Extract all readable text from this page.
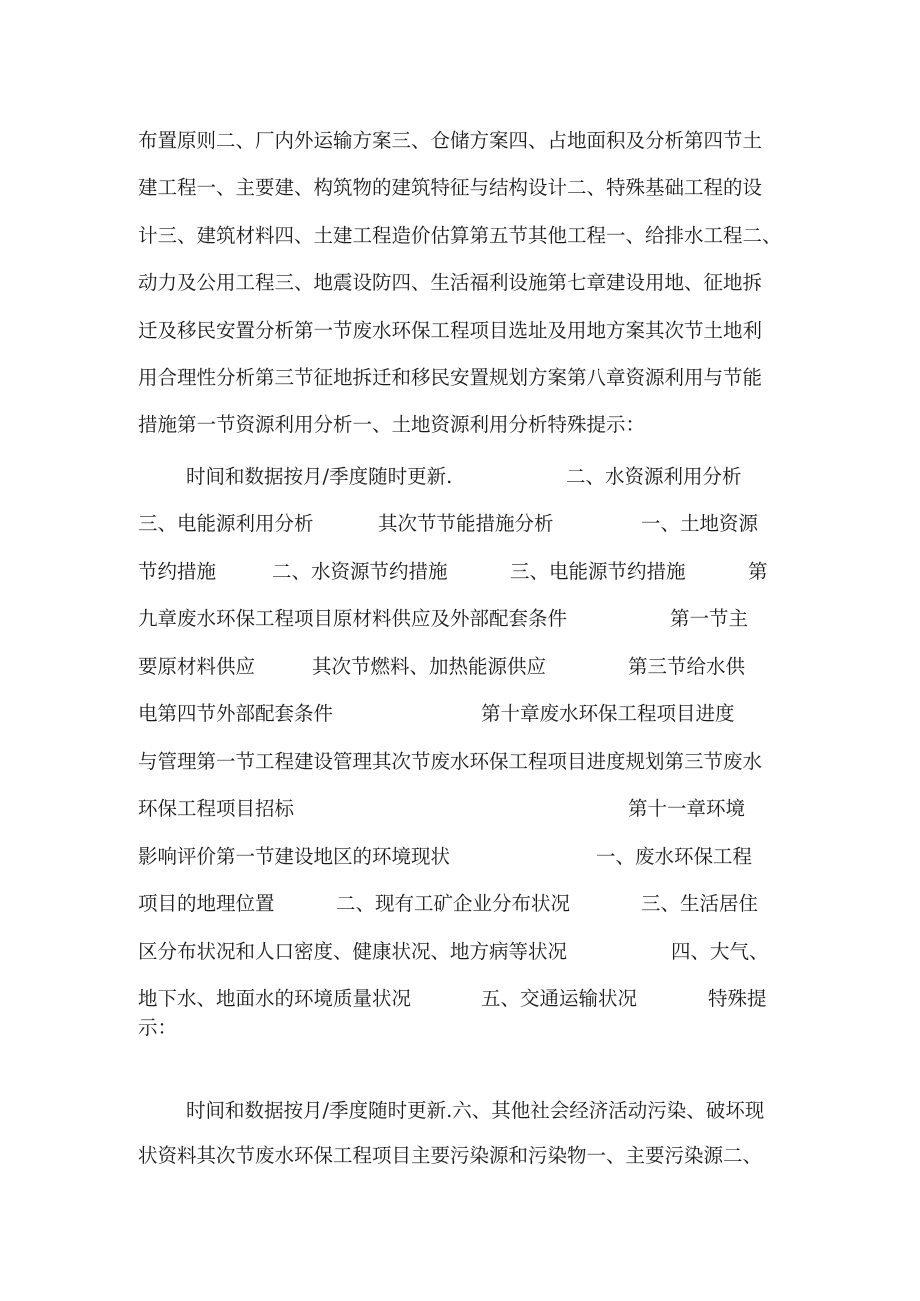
布置原则二、厂内外运输方案三、仓储方案四、占地面积及分析第四节土
建工程一、主要建、构筑物的建筑特征与结构设计二、特殊基础工程的设
计三、建筑材料四、土建工程造价估算第五节其他工程一、给排水工程二、
动力及公用工程三、地震设防四、生活福利设施第七章建设用地、征地拆
迁及移民安置分析第一节废水环保工程项目选址及用地方案其次节土地利
用合理性分析第三节征地拆迁和移民安置规划方案第八章资源利用与节能
措施第一节资源利用分析一、土地资源利用分析特殊提示：
时间和数据按月/季度随时更新.	二、水资源利用分析
三、电能源利用分析	其次节节能措施分析	一、土地资源
节约措施	二、水资源节约措施	三、电能源节约措施	第
九章废水环保工程项目原材料供应及外部配套条件	第一节主
要原材料供应	其次节燃料、加热能源供应	第三节给水供
电第四节外部配套条件	第十章废水环保工程项目进度
与管理第一节工程建设管理其次节废水环保工程项目进度规划第三节废水
环保工程项目招标	第十一章环境
影响评价第一节建设地区的环境现状	一、废水环保工程
项目的地理位置	二、现有工矿企业分布状况	三、生活居住
区分布状况和人口密度、健康状况、地方病等状况	四、大气、
地下水、地面水的环境质量状况	五、交通运输状况	特殊提
示：
时间和数据按月/季度随时更新.六、其他社会经济活动污染、破坏现
状资料其次节废水环保工程项目主要污染源和污染物一、主要污染源二、
